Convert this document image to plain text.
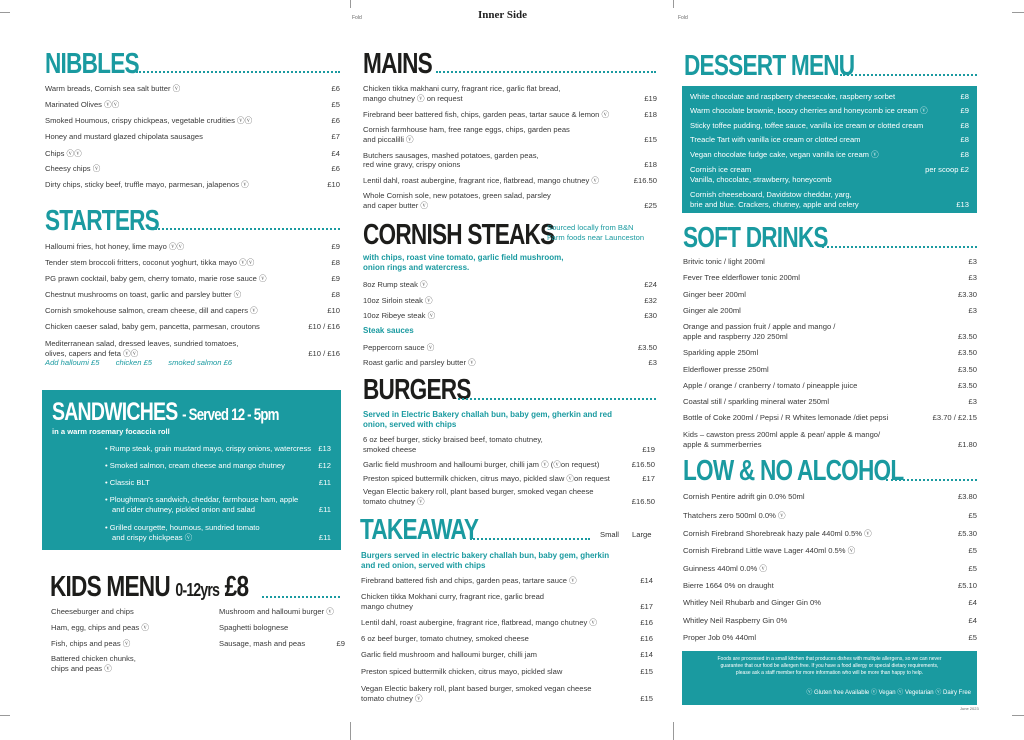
Fold	Inner Side	Fold
NIBBLES
Warm breads, Cornish sea salt butter ⓥ	£6
Marinated Olives ⓥⓥ	£5
Smoked Houmous, crispy chickpeas, vegetable crudities ⓥⓥ	£6
Honey and mustard glazed chipolata sausages	£7
Chips ⓥⓥ	£4
Cheesy chips ⓥ	£6
Dirty chips, sticky beef, truffle mayo, parmesan, jalapenos ⓥ	£10
STARTERS
Halloumi fries, hot honey, lime mayo ⓥⓥ	£9
Tender stem broccoli fritters, coconut yoghurt, tikka mayo ⓥⓥ	£8
PG prawn cocktail, baby gem, cherry tomato, marie rose sauce ⓥ	£9
Chestnut mushrooms on toast, garlic and parsley butter ⓥ	£8
Cornish smokehouse salmon, cream cheese, dill and capers ⓥ	£10
Chicken caeser salad, baby gem, pancetta, parmesan, croutons	£10 / £16
Mediterranean salad, dressed leaves, sundried tomatoes,
olives, capers and feta ⓥⓥ	£10 / £16
Add halloumi £5 chicken £5 smoked salmon £6
SANDWICHES - Served 12 - 5pm
in a warm rosemary focaccia roll
• Rump steak, grain mustard mayo, crispy onions, watercress £13
• Smoked salmon, cream cheese and mango chutney	£12
• Classic BLT	£11
• Ploughman's sandwich, cheddar, farmhouse ham, apple
and cider chutney, pickled onion and salad	£11
• Grilled courgette, houmous, sundried tomato
and crispy chickpeas ⓥ	£11
KIDS MENU 0-12yrs £8
Cheeseburger and chips
Ham, egg, chips and peas ⓥ
Fish, chips and peas ⓥ
Battered chicken chunks,
chips and peas ⓥ
Mushroom and halloumi burger ⓥ
Spaghetti bolognese
Sausage, mash and peas	£9
MAINS
Chicken tikka makhani curry, fragrant rice, garlic flat bread,
mango chutney ⓥ on request	£19
Firebrand beer battered fish, chips, garden peas, tartar sauce & lemon ⓥ	£18
Cornish farmhouse ham, free range eggs, chips, garden peas
and piccalilli ⓥ	£15
Butchers sausages, mashed potatoes, garden peas,
red wine gravy, crispy onions	£18
Lentil dahl, roast aubergine, fragrant rice, flatbread, mango chutney ⓥ	£16.50
Whole Cornish sole, new potatoes, green salad, parsley
and caper butter ⓥ	£25
CORNISH STEAKS
Sourced locally from B&N
Farm foods near Launceston
with chips, roast vine tomato, garlic field mushroom,
onion rings and watercress.
8oz Rump steak ⓥ	£24
10oz Sirloin steak ⓥ	£32
10oz Ribeye steak ⓥ	£30
Steak sauces
Peppercorn sauce ⓥ	£3.50
Roast garlic and parsley butter ⓥ	£3
BURGERS
Served in Electric Bakery challah bun, baby gem, gherkin and red
onion, served with chips
6 oz beef burger, sticky braised beef, tomato chutney,
smoked cheese	£19
Garlic field mushroom and halloumi burger, chilli jam ⓥ (ⓥon request)	£16.50
Preston spiced buttermilk chicken, citrus mayo, pickled slaw ⓥon request	£17
Vegan Electic bakery roll, plant based burger, smoked vegan cheese
tomato chutney ⓥ	£16.50
TAKEAWAY	Small Large
Burgers served in electric bakery challah bun, baby gem, gherkin
and red onion, served with chips
Firebrand battered fish and chips, garden peas, tartare sauce ⓥ	£14
Chicken tikka Mokhani curry, fragrant rice, garlic bread
mango chutney	£17
Lentil dahl, roast aubergine, fragrant rice, flatbread, mango chutney ⓥ	£16
6 oz beef burger, tomato chutney, smoked cheese	£16
Garlic field mushroom and halloumi burger, chilli jam	£14
Preston spiced buttermilk chicken, citrus mayo, pickled slaw	£15
Vegan Electic bakery roll, plant based burger, smoked vegan cheese
tomato chutney ⓥ	£15
DESSERT MENU
White chocolate and raspberry cheesecake, raspberry sorbet	£8
Warm chocolate brownie, boozy cherries and honeycomb ice cream ⓥ	£9
Sticky toffee pudding, toffee sauce, vanilla ice cream or clotted cream	£8
Treacle Tart with vanilla ice cream or clotted cream	£8
Vegan chocolate fudge cake, vegan vanilla ice cream ⓥ	£8
Cornish ice cream	per scoop £2
Vanilla, chocolate, strawberry, honeycomb
Cornish cheeseboard, Davidstow cheddar, yarg,
brie and blue. Crackers, chutney, apple and celery	£13
SOFT DRINKS
Britvic tonic / light 200ml	£3
Fever Tree elderflower tonic 200ml	£3
Ginger beer 200ml	£3.30
Ginger ale 200ml	£3
Orange and passion fruit / apple and mango /
apple and raspberry J20 250ml	£3.50
Sparkling apple 250ml	£3.50
Elderflower presse 250ml	£3.50
Apple / orange / cranberry / tomato / pineapple juice	£3.50
Coastal still / sparkling mineral water 250ml	£3
Bottle of Coke 200ml / Pepsi / R Whites lemonade /diet pepsi	£3.70 / £2.15
Kids – cawston press 200ml apple & pear/ apple & mango/
apple & summerberries	£1.80
LOW & NO ALCOHOL
Cornish Pentire adrift gin 0.0% 50ml	£3.80
Thatchers zero 500ml 0.0% ⓥ	£5
Cornish Firebrand Shorebreak hazy pale 440ml 0.5% ⓥ	£5.30
Cornish Firebrand Little wave Lager 440ml 0.5% ⓥ	£5
Guinness 440ml 0.0% ⓥ	£5
Bierre 1664 0% on draught	£5.10
Whitley Neil Rhubarb and Ginger Gin 0%	£4
Whitley Neil Raspberry Gin 0%	£4
Proper Job 0% 440ml	£5
Foods are processed in a small kitchen that produces dishes with multiple allergens, so we can never
guarantee that our food be allergen free. If you have a food allergy or special dietary requirements,
please ask a staff member for more information who will be more than happy to help.
ⓥ Gluten free Available ⓥ Vegan ⓥ Vegetarian ⓥ Dairy Free
June 2023
